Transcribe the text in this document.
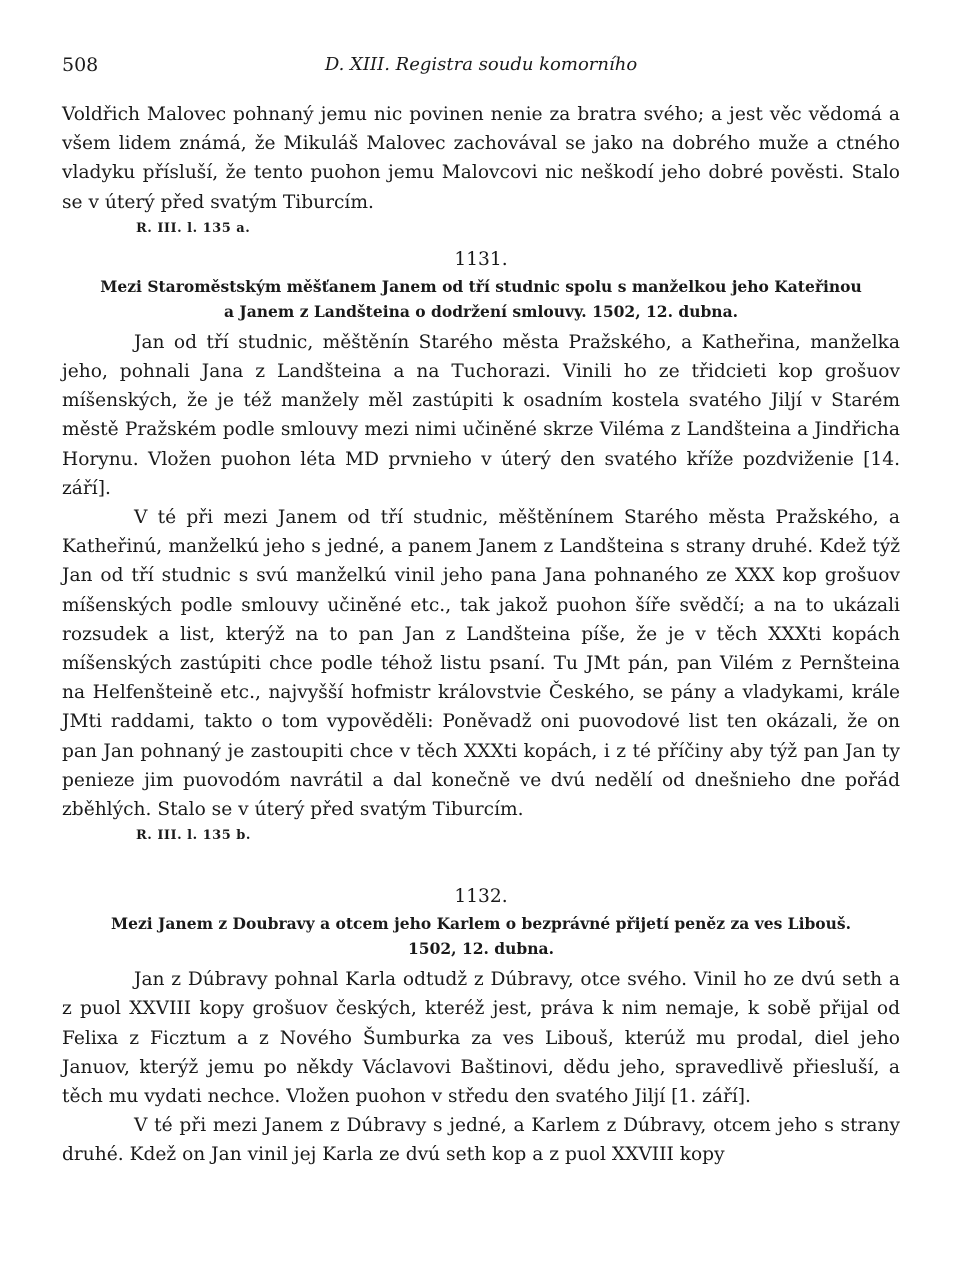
508	D. XIII. Registra soudu komorního

Voldřich Malovec pohnaný jemu nic povinen nenie za bratra svého; a jest věc vědomá a všem lidem známá, že Mikuláš Malovec zachovával se jako na dobrého muže a ctného vladyku přísluší, že tento puohon jemu Malovcovi nic neškodí jeho dobré pověsti. Stalo se v úterý před svatým Tiburcím.

R. III. l. 135 a.
1131.
Mezi Staroměstským měšťanem Janem od tří studnic spolu s manželkou jeho Kateřinou
a Janem z Landšteina o dodržení smlouvy. 1502, 12. dubna.

Jan od tří studnic, měštěnín Starého města Pražského, a Katheřina, manželka jeho, pohnali Jana z Landšteina a na Tuchorazi. Vinili ho ze třidcieti kop grošuov míšenských, že je též manžely měl zastúpiti k osadním kostela svatého Jiljí v Starém městě Pražském podle smlouvy mezi nimi učiněné skrze Viléma z Landšteina a Jindřicha Horynu. Vložen puohon léta MD prvnieho v úterý den svatého kříže pozdviženie [14. září].

V té při mezi Janem od tří studnic, měštěnínem Starého města Pražského, a Katheřinú, manželkú jeho s jedné, a panem Janem z Landšteina s strany druhé. Kdež týž Jan od tří studnic s svú manželkú vinil jeho pana Jana pohnaného ze XXX kop grošuov míšenských podle smlouvy učiněné etc., tak jakož puohon šíře svědčí; a na to ukázali rozsudek a list, kterýž na to pan Jan z Landšteina píše, že je v těch XXXti kopách míšenských zastúpiti chce podle téhož listu psaní. Tu JMt pán, pan Vilém z Pernšteina na Helfenšteině etc., najvyšší hofmistr královstvie Českého, se pány a vladykami, krále JMti raddami, takto o tom vypověděli: Poněvadž oni puovodové list ten okázali, že on pan Jan pohnaný je zastoupiti chce v těch XXXti kopách, i z té příčiny aby týž pan Jan ty penieze jim puovodóm navrátil a dal konečně ve dvú nedělí od dnešnieho dne pořád zběhlých. Stalo se v úterý před svatým Tiburcím.

R. III. l. 135 b.
1132.
Mezi Janem z Doubravy a otcem jeho Karlem o bezprávné přijetí peněz za ves Libouš.
1502, 12. dubna.

Jan z Dúbravy pohnal Karla odtudž z Dúbravy, otce svého. Vinil ho ze dvú seth a z puol XXVIII kopy grošuov českých, kteréž jest, práva k nim nemaje, k sobě přijal od Felixa z Ficztum a z Nového Šumburka za ves Libouš, kterúž mu prodal, diel jeho Januov, kterýž jemu po někdy Václavovi Baštinovi, dědu jeho, spravedlivě přiesluší, a těch mu vydati nechce. Vložen puohon v středu den svatého Jiljí [1. září].

V té při mezi Janem z Dúbravy s jedné, a Karlem z Dúbravy, otcem jeho s strany druhé. Kdež on Jan vinil jej Karla ze dvú seth kop a z puol XXVIII kopy
